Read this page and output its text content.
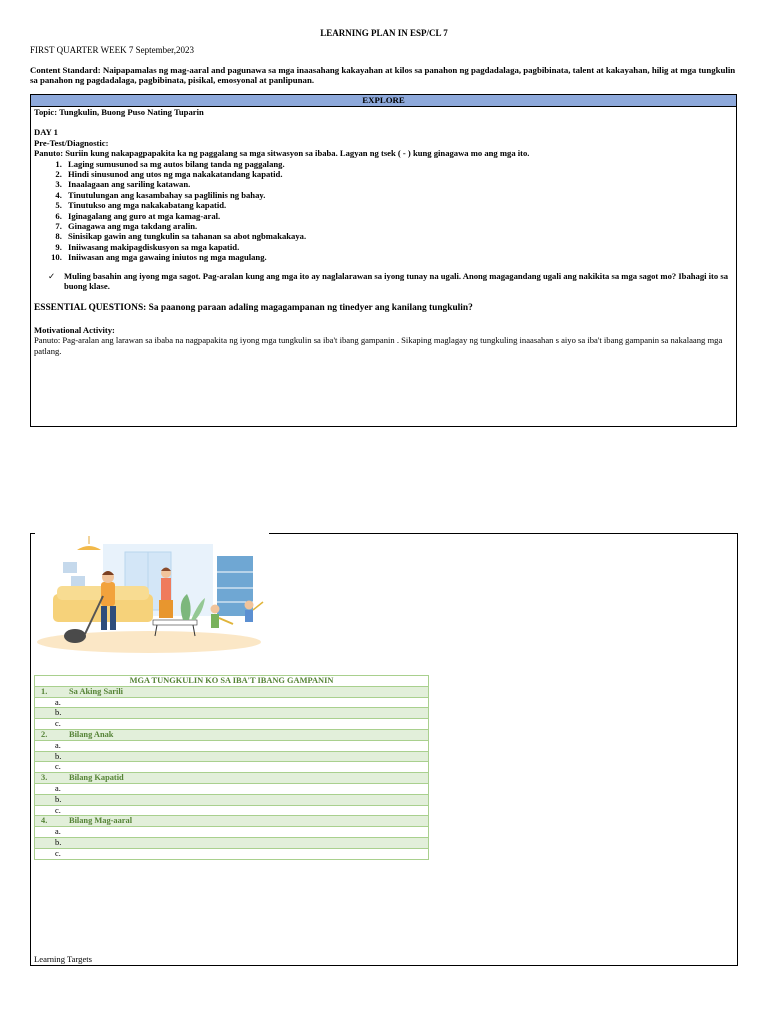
LEARNING PLAN IN ESP/CL 7
FIRST QUARTER WEEK 7 September,2023
Content Standard: Naipapamalas ng mag-aaral and pagunawa sa mga inaasahang kakayahan at kilos sa panahon ng pagdadalaga, pagbibinata, talent at kakayahan, hilig at mga tungkulin sa panahon ng pagdadalaga, pagbibinata, pisikal, emosyonal at panlipunan.
EXPLORE
Topic: Tungkulin, Buong Puso Nating Tuparin
DAY 1
Pre-Test/Diagnostic:
Panuto: Suriin kung nakapagpapakita ka ng paggalang sa mga sitwasyon sa ibaba. Lagyan ng tsek ( - ) kung ginagawa mo ang mga ito.
1. Laging sumusunod sa mg autos bilang tanda ng paggalang.
2. Hindi sinusunod ang utos ng mga nakakatandang kapatid.
3. Inaalagaan ang sariling katawan.
4. Tinutulungan ang kasambahay sa paglilinis ng bahay.
5. Tinutukso ang mga nakakabatang kapatid.
6. Iginagalang ang guro at mga kamag-aral.
7. Ginagawa ang mga takdang aralin.
8. Sinisikap gawin ang tungkulin sa tahanan sa abot ngbmakakaya.
9. Iniiwasang makipagdiskusyon sa mga kapatid.
10. Iniiwasan ang mga gawaing iniutos ng mga magulang.
✓	Muling basahin ang iyong mga sagot. Pag-aralan kung ang mga ito ay naglalarawan sa iyong tunay na ugali. Anong magagandang ugali ang nakikita sa mga sagot mo? Ibahagi ito sa buong klase.
ESSENTIAL QUESTIONS: Sa paanong paraan adaling magagampanan ng tinedyer ang kanilang tungkulin?
Motivational Activity:
Panuto: Pag-aralan ang larawan sa ibaba na nagpapakita ng iyong mga tungkulin sa iba't ibang gampanin . Sikaping maglagay ng tungkuling inaasahan s aiyo sa iba't ibang gampanin sa nakalaang mga patlang.
MGA TUNGKULIN KO SA IBA'T IBANG GAMPANIN
1.	Sa Aking Sarili
a.
b.
c.
2.	Bilang Anak
a.
b.
c.
3.	Bilang Kapatid
a.
b.
c.
4.	Bilang Mag-aaral
a.
b.
c.
Learning Targets
